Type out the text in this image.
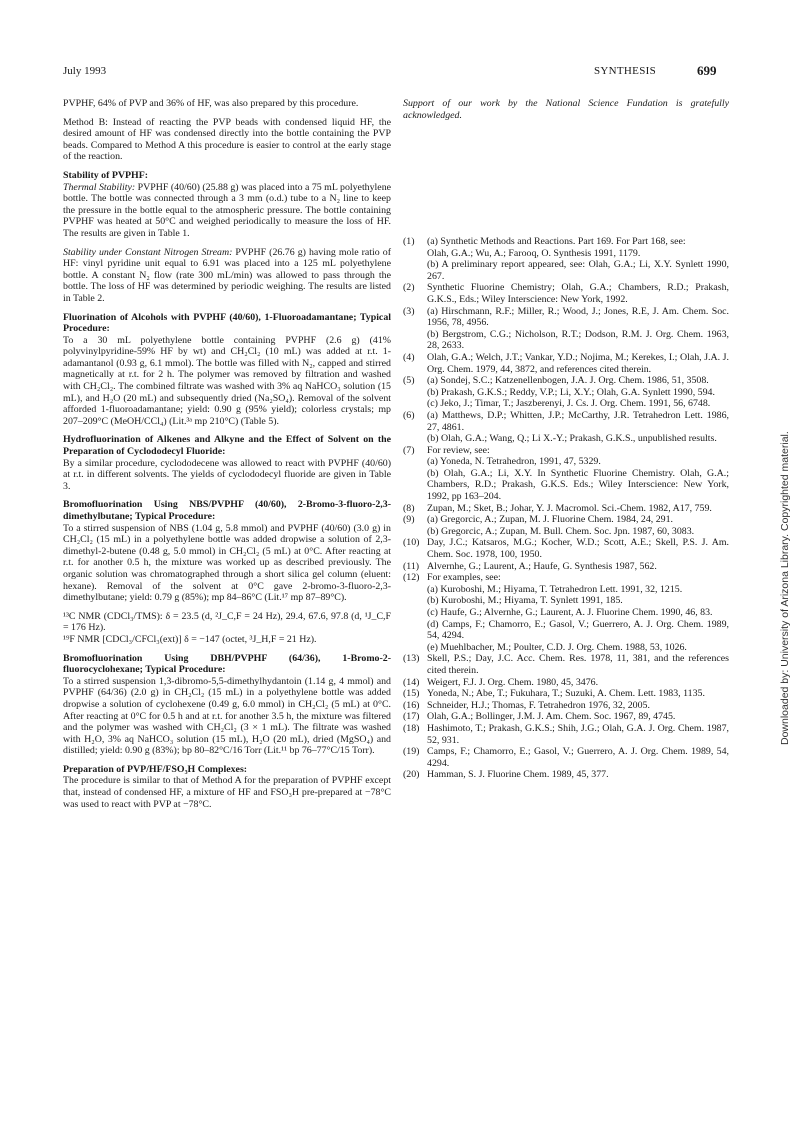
July 1993	SYNTHESIS	699

PVPHF, 64% of PVP and 36% of HF, was also prepared by this procedure.

Method B: Instead of reacting the PVP beads with condensed liquid HF, the desired amount of HF was condensed directly into the bottle containing the PVP beads. Compared to Method A this procedure is easier to control at the early stage of the reaction.

Stability of PVPHF:

Thermal Stability: PVPHF (40/60) (25.88 g) was placed into a 75 mL polyethylene bottle. The bottle was connected through a 3 mm (o.d.) tube to a N₂ line to keep the pressure in the bottle equal to the atmospheric pressure. The bottle containing PVPHF was heated at 50°C and weighed periodically to measure the loss of HF. The results are given in Table 1.

Stability under Constant Nitrogen Stream: PVPHF (26.76 g) having mole ratio of HF: vinyl pyridine unit equal to 6.91 was placed into a 125 mL polyethylene bottle. A constant N₂ flow (rate 300 mL/min) was allowed to pass through the bottle. The loss of HF was determined by periodic weighing. The results are listed in Table 2.

Fluorination of Alcohols with PVPHF (40/60), 1-Fluoroadamantane; Typical Procedure:

To a 30 mL polyethylene bottle containing PVPHF (2.6 g) (41% polyvinylpyridine-59% HF by wt) and CH₂Cl₂ (10 mL) was added at r.t. 1-adamantanol (0.93 g, 6.1 mmol). The bottle was filled with N₂, capped and stirred magnetically at r.t. for 2 h. The polymer was removed by filtration and washed with CH₂Cl₂. The combined filtrate was washed with 3% aq NaHCO₃ solution (15 mL), and H₂O (20 mL) and subsequently dried (Na₂SO₄). Removal of the solvent afforded 1-fluoroadamantane; yield: 0.90 g (95% yield); colorless crystals; mp 207–209°C (MeOH/CCl₄) (Lit.³ᵃ mp 210°C) (Table 5).

Hydrofluorination of Alkenes and Alkyne and the Effect of Solvent on the Preparation of Cyclododecyl Fluoride:

By a similar procedure, cyclododecene was allowed to react with PVPHF (40/60) at r.t. in different solvents. The yields of cyclododecyl fluoride are given in Table 3.

Bromofluorination Using NBS/PVPHF (40/60), 2-Bromo-3-fluoro-2,3-dimethylbutane; Typical Procedure:

To a stirred suspension of NBS (1.04 g, 5.8 mmol) and PVPHF (40/60) (3.0 g) in CH₂Cl₂ (15 mL) in a polyethylene bottle was added dropwise a solution of 2,3-dimethyl-2-butene (0.48 g, 5.0 mmol) in CH₂Cl₂ (5 mL) at 0°C. After reacting at r.t. for another 0.5 h, the mixture was worked up as described previously. The organic solution was chromatographed through a short silica gel column (eluent: hexane). Removal of the solvent at 0°C gave 2-bromo-3-fluoro-2,3-dimethylbutane; yield: 0.79 g (85%); mp 84–86°C (Lit.¹⁷ mp 87–89°C).

¹³C NMR (CDCl₃/TMS): δ = 23.5 (d, ²J_C,F = 24 Hz), 29.4, 67.6, 97.8 (d, ¹J_C,F = 176 Hz).

¹⁹F NMR [CDCl₃/CFCl₃(ext)] δ = −147 (octet, ³J_H,F = 21 Hz).

Bromofluorination Using DBH/PVPHF (64/36), 1-Bromo-2-fluorocyclohexane; Typical Procedure:

To a stirred suspension 1,3-dibromo-5,5-dimethylhydantoin (1.14 g, 4 mmol) and PVPHF (64/36) (2.0 g) in CH₂Cl₂ (15 mL) in a polyethylene bottle was added dropwise a solution of cyclohexene (0.49 g, 6.0 mmol) in CH₂Cl₂ (5 mL) at 0°C. After reacting at 0°C for 0.5 h and at r.t. for another 3.5 h, the mixture was filtered and the polymer was washed with CH₂Cl₂ (3 × 1 mL). The filtrate was washed with H₂O, 3% aq NaHCO₃ solution (15 mL), H₂O (20 mL), dried (MgSO₄) and distilled; yield: 0.90 g (83%); bp 80–82°C/16 Torr (Lit.¹¹ bp 76–77°C/15 Torr).

Preparation of PVP/HF/FSO₃H Complexes:

The procedure is similar to that of Method A for the preparation of PVPHF except that, instead of condensed HF, a mixture of HF and FSO₃H pre-prepared at −78°C was used to react with PVP at −78°C.

Support of our work by the National Science Fundation is gratefully acknowledged.

(1) (a) Synthetic Methods and Reactions. Part 169. For Part 168, see:
Olah, G.A.; Wu, A.; Farooq, O. Synthesis 1991, 1179.
(b) A preliminary report appeared, see: Olah, G.A.; Li, X.Y. Synlett 1990, 267.
(2) Synthetic Fluorine Chemistry; Olah, G.A.; Chambers, R.D.; Prakash, G.K.S., Eds.; Wiley Interscience: New York, 1992.
(3) (a) Hirschmann, R.F.; Miller, R.; Wood, J.; Jones, R.E, J. Am. Chem. Soc. 1956, 78, 4956.
(b) Bergstrom, C.G.; Nicholson, R.T.; Dodson, R.M. J. Org. Chem. 1963, 28, 2633.
(4) Olah, G.A.; Welch, J.T.; Vankar, Y.D.; Nojima, M.; Kerekes, I.; Olah, J.A. J. Org. Chem. 1979, 44, 3872, and references cited therein.
(5) (a) Sondej, S.C.; Katzenellenbogen, J.A. J. Org. Chem. 1986, 51, 3508.
(b) Prakash, G.K.S.; Reddy, V.P.; Li, X.Y.; Olah, G.A. Synlett 1990, 594.
(c) Jeko, J.; Timar, T.; Jaszberenyi, J. Cs. J. Org. Chem. 1991, 56, 6748.
(6) (a) Matthews, D.P.; Whitten, J.P.; McCarthy, J.R. Tetrahedron Lett. 1986, 27, 4861.
(b) Olah, G.A.; Wang, Q.; Li X.-Y.; Prakash, G.K.S., unpublished results.
(7) For review, see:
(a) Yoneda, N. Tetrahedron, 1991, 47, 5329.
(b) Olah, G.A.; Li, X.Y. In Synthetic Fluorine Chemistry. Olah, G.A.; Chambers, R.D.; Prakash, G.K.S. Eds.; Wiley Interscience: New York, 1992, pp 163–204.
(8) Zupan, M.; Sket, B.; Johar, Y. J. Macromol. Sci.-Chem. 1982, A17, 759.
(9) (a) Gregorcic, A.; Zupan, M. J. Fluorine Chem. 1984, 24, 291.
(b) Gregorcic, A.; Zupan, M. Bull. Chem. Soc. Jpn. 1987, 60, 3083.
(10) Day, J.C.; Katsaros, M.G.; Kocher, W.D.; Scott, A.E.; Skell, P.S. J. Am. Chem. Soc. 1978, 100, 1950.
(11) Alvernhe, G.; Laurent, A.; Haufe, G. Synthesis 1987, 562.
(12) For examples, see:
(a) Kuroboshi, M.; Hiyama, T. Tetrahedron Lett. 1991, 32, 1215.
(b) Kuroboshi, M.; Hiyama, T. Synlett 1991, 185.
(c) Haufe, G.; Alvernhe, G.; Laurent, A. J. Fluorine Chem. 1990, 46, 83.
(d) Camps, F.; Chamorro, E.; Gasol, V.; Guerrero, A. J. Org. Chem. 1989, 54, 4294.
(e) Muehlbacher, M.; Poulter, C.D. J. Org. Chem. 1988, 53, 1026.
(13) Skell, P.S.; Day, J.C. Acc. Chem. Res. 1978, 11, 381, and the references cited therein.
(14) Weigert, F.J. J. Org. Chem. 1980, 45, 3476.
(15) Yoneda, N.; Abe, T.; Fukuhara, T.; Suzuki, A. Chem. Lett. 1983, 1135.
(16) Schneider, H.J.; Thomas, F. Tetrahedron 1976, 32, 2005.
(17) Olah, G.A.; Bollinger, J.M. J. Am. Chem. Soc. 1967, 89, 4745.
(18) Hashimoto, T.; Prakash, G.K.S.; Shih, J.G.; Olah, G.A. J. Org. Chem. 1987, 52, 931.
(19) Camps, F.; Chamorro, E.; Gasol, V.; Guerrero, A. J. Org. Chem. 1989, 54, 4294.
(20) Hamman, S. J. Fluorine Chem. 1989, 45, 377.
Downloaded by: University of Arizona Library. Copyrighted material.
